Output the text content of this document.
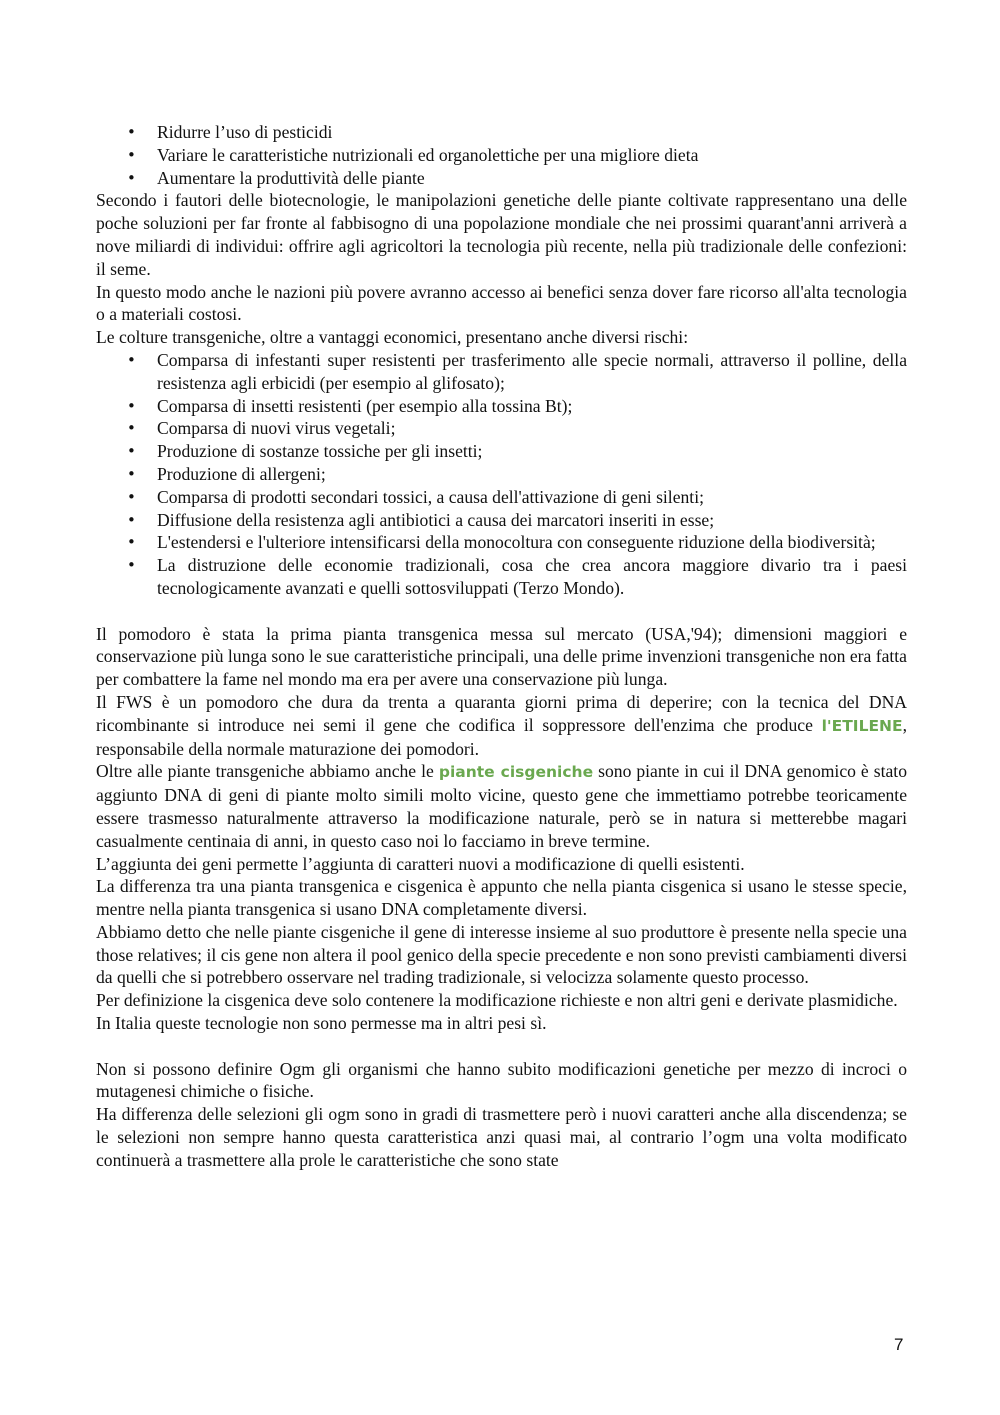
• Ridurre l’uso di pesticidi
• Variare le caratteristiche nutrizionali ed organolettiche per una migliore dieta
• Aumentare la produttività delle piante

Secondo i fautori delle biotecnologie, le manipolazioni genetiche delle piante coltivate rappresentano una delle poche soluzioni per far fronte al fabbisogno di una popolazione mondiale che nei prossimi quarant'anni arriverà a nove miliardi di individui: offrire agli agricoltori la tecnologia più recente, nella più tradizionale delle confezioni: il seme.

In questo modo anche le nazioni più povere avranno accesso ai benefici senza dover fare ricorso all'alta tecnologia o a materiali costosi.

Le colture transgeniche, oltre a vantaggi economici, presentano anche diversi rischi:

• Comparsa di infestanti super resistenti per trasferimento alle specie normali, attraverso il polline, della resistenza agli erbicidi (per esempio al glifosato);
• Comparsa di insetti resistenti (per esempio alla tossina Bt);
• Comparsa di nuovi virus vegetali;
• Produzione di sostanze tossiche per gli insetti;
• Produzione di allergeni;
• Comparsa di prodotti secondari tossici, a causa dell'attivazione di geni silenti;
• Diffusione della resistenza agli antibiotici a causa dei marcatori inseriti in esse;
• L'estendersi e l'ulteriore intensificarsi della monocoltura con conseguente riduzione della biodiversità;
• La distruzione delle economie tradizionali, cosa che crea ancora maggiore divario tra i paesi tecnologicamente avanzati e quelli sottosviluppati (Terzo Mondo).

Il pomodoro è stata la prima pianta transgenica messa sul mercato (USA,'94); dimensioni maggiori e conservazione più lunga sono le sue caratteristiche principali, una delle prime invenzioni transgeniche non era fatta per combattere la fame nel mondo ma era per avere una conservazione più lunga.

Il FWS è un pomodoro che dura da trenta a quaranta giorni prima di deperire; con la tecnica del DNA ricombinante si introduce nei semi il gene che codifica il soppressore dell'enzima che produce l'ETILENE, responsabile della normale maturazione dei pomodori.

Oltre alle piante transgeniche abbiamo anche le piante cisgeniche sono piante in cui il DNA genomico è stato aggiunto DNA di geni di piante molto simili molto vicine, questo gene che immettiamo potrebbe teoricamente essere trasmesso naturalmente attraverso la modificazione naturale, però se in natura si metterebbe magari casualmente centinaia di anni, in questo caso noi lo facciamo in breve termine.

L’aggiunta dei geni permette l’aggiunta di caratteri nuovi a modificazione di quelli esistenti.

La differenza tra una pianta transgenica e cisgenica è appunto che nella pianta cisgenica si usano le stesse specie, mentre nella pianta transgenica si usano DNA completamente diversi.

Abbiamo detto che nelle piante cisgeniche il gene di interesse insieme al suo produttore è presente nella specie una those relatives; il cis gene non altera il pool genico della specie precedente e non sono previsti cambiamenti diversi da quelli che si potrebbero osservare nel trading tradizionale, si velocizza solamente questo processo.

Per definizione la cisgenica deve solo contenere la modificazione richieste e non altri geni e derivate plasmidiche.

In Italia queste tecnologie non sono permesse ma in altri pesi sì.

Non si possono definire Ogm gli organismi che hanno subito modificazioni genetiche per mezzo di incroci o mutagenesi chimiche o fisiche.

Ha differenza delle selezioni gli ogm sono in gradi di trasmettere però i nuovi caratteri anche alla discendenza; se le selezioni non sempre hanno questa caratteristica anzi quasi mai, al contrario l’ogm una volta modificato continuerà a trasmettere alla prole le caratteristiche che sono state

7
